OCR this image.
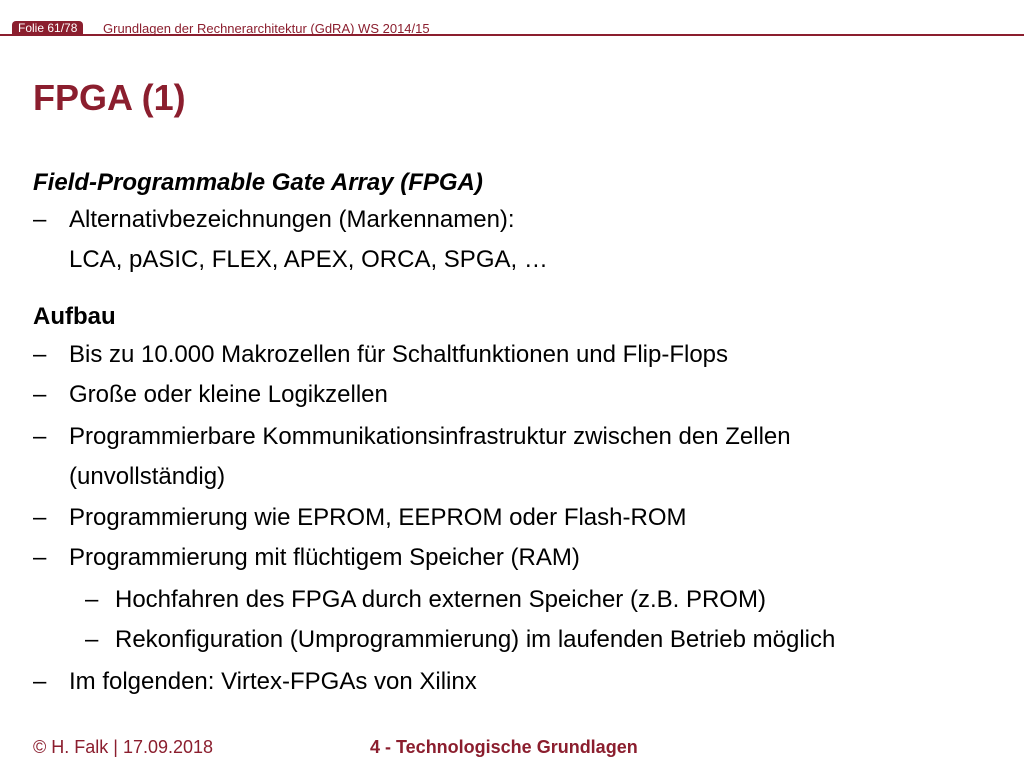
Folie 61/78	Grundlagen der Rechnerarchitektur (GdRA) WS 2014/15
FPGA (1)
Field-Programmable Gate Array (FPGA)
– Alternativbezeichnungen (Markennamen):
LCA, pASIC, FLEX, APEX, ORCA, SPGA, …
Aufbau
– Bis zu 10.000 Makrozellen für Schaltfunktionen und Flip-Flops
– Große oder kleine Logikzellen
– Programmierbare Kommunikationsinfrastruktur zwischen den Zellen
(unvollständig)
– Programmierung wie EPROM, EEPROM oder Flash-ROM
– Programmierung mit flüchtigem Speicher (RAM)
– Hochfahren des FPGA durch externen Speicher (z.B. PROM)
– Rekonfiguration (Umprogrammierung) im laufenden Betrieb möglich
– Im folgenden: Virtex-FPGAs von Xilinx
© H. Falk | 17.09.2018	4 - Technologische Grundlagen
